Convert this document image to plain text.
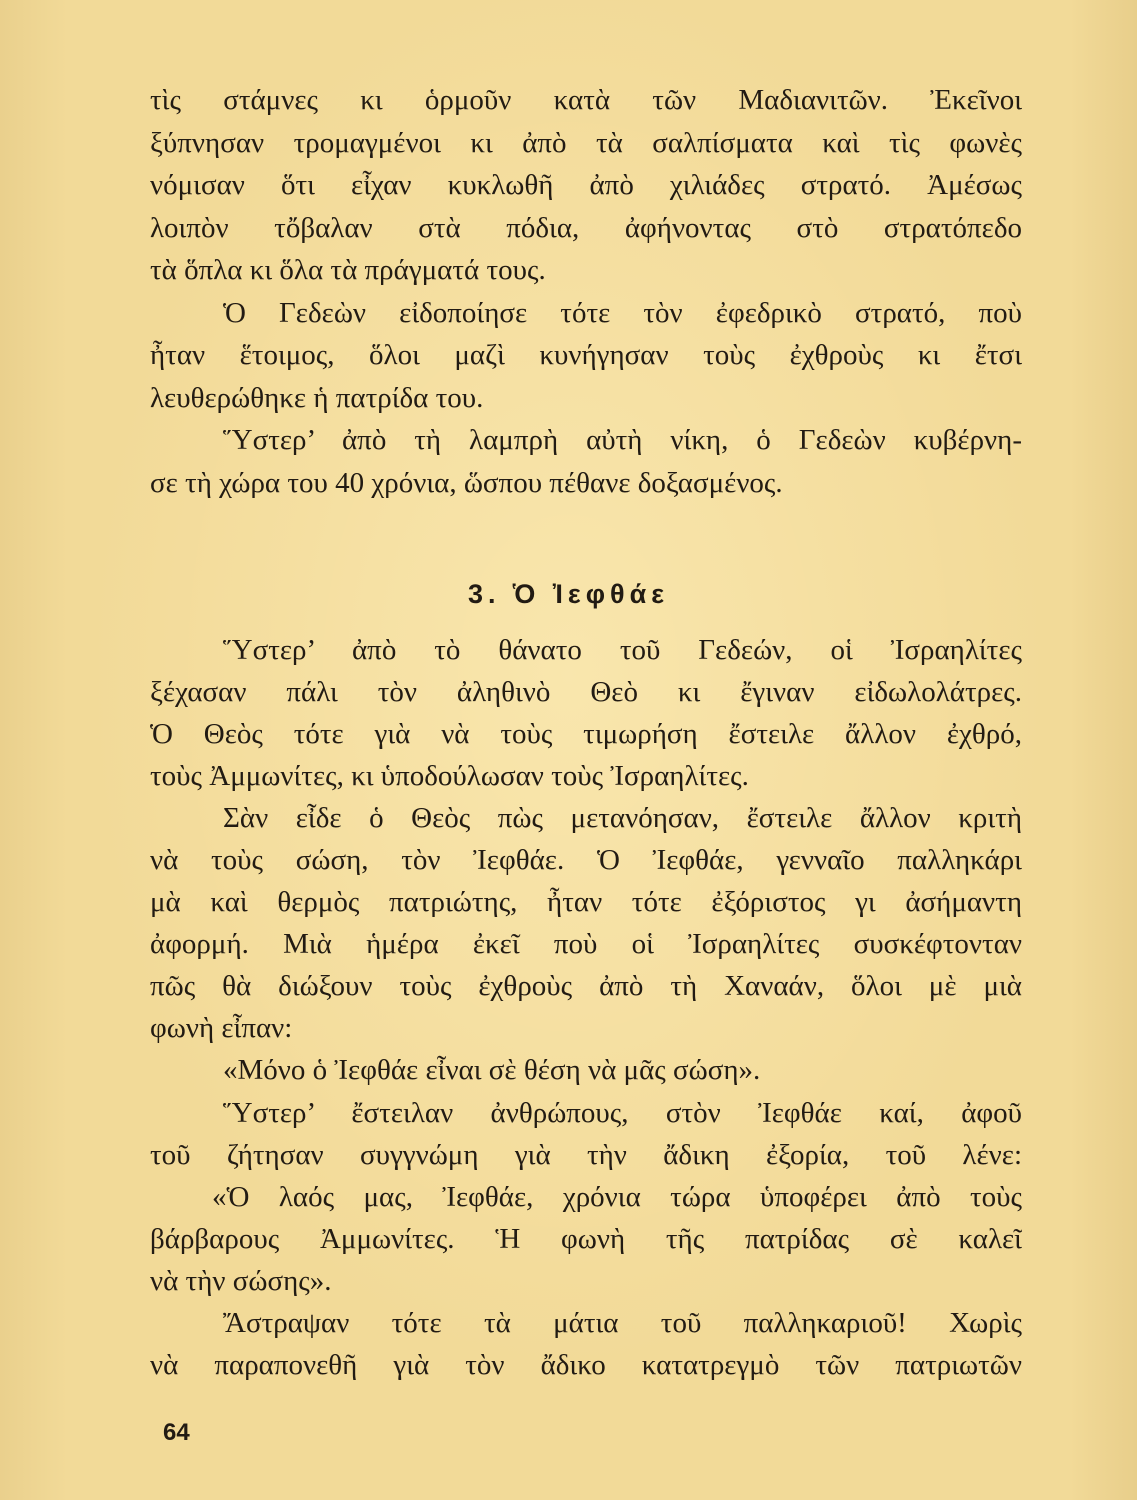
τὶς στάμνες κι ὁρμοῦν κατὰ τῶν Μαδιανιτῶν. Ἐκεῖνοι
ξύπνησαν τρομαγμένοι κι ἀπὸ τὰ σαλπίσματα καὶ τὶς φωνὲς
νόμισαν ὅτι εἶχαν κυκλωθῆ ἀπὸ χιλιάδες στρατό. Ἀμέσως
λοιπὸν τὄβαλαν στὰ πόδια, ἀφήνοντας στὸ στρατόπεδο
τὰ ὅπλα κι ὅλα τὰ πράγματά τους.
Ὁ Γεδεὼν εἰδοποίησε τότε τὸν ἐφεδρικὸ στρατό, ποὺ
ἦταν ἕτοιμος, ὅλοι μαζὶ κυνήγησαν τοὺς ἐχθροὺς κι ἔτσι
λευθερώθηκε ἡ πατρίδα του.
Ὕστερ’ ἀπὸ τὴ λαμπρὴ αὐτὴ νίκη, ὁ Γεδεὼν κυβέρνη-
σε τὴ χώρα του 40 χρόνια, ὥσπου πέθανε δοξασμένος.
3. Ὁ Ἰεφθάε
Ὕστερ’ ἀπὸ τὸ θάνατο τοῦ Γεδεών, οἱ Ἰσραηλίτες
ξέχασαν πάλι τὸν ἀληθινὸ Θεὸ κι ἔγιναν εἰδωλολάτρες.
Ὁ Θεὸς τότε γιὰ νὰ τοὺς τιμωρήση ἔστειλε ἄλλον ἐχθρό,
τοὺς Ἀμμωνίτες, κι ὑποδούλωσαν τοὺς Ἰσραηλίτες.
Σὰν εἶδε ὁ Θεὸς πὼς μετανόησαν, ἔστειλε ἄλλον κριτὴ
νὰ τοὺς σώση, τὸν Ἰεφθάε. Ὁ Ἰεφθάε, γενναῖο παλληκάρι
μὰ καὶ θερμὸς πατριώτης, ἦταν τότε ἐξόριστος γι ἀσήμαντη
ἀφορμή. Μιὰ ἡμέρα ἐκεῖ ποὺ οἱ Ἰσραηλίτες συσκέφτονταν
πῶς θὰ διώξουν τοὺς ἐχθροὺς ἀπὸ τὴ Χαναάν, ὅλοι μὲ μιὰ
φωνὴ εἶπαν:
«Μόνο ὁ Ἰεφθάε εἶναι σὲ θέση νὰ μᾶς σώση».
Ὕστερ’ ἔστειλαν ἀνθρώπους, στὸν Ἰεφθάε καί, ἀφοῦ
τοῦ ζήτησαν συγγνώμη γιὰ τὴν ἄδικη ἐξορία, τοῦ λένε:
«Ὁ λαός μας, Ἰεφθάε, χρόνια τώρα ὑποφέρει ἀπὸ τοὺς
βάρβαρους Ἀμμωνίτες. Ἡ φωνὴ τῆς πατρίδας σὲ καλεῖ
νὰ τὴν σώσης».
Ἄστραψαν τότε τὰ μάτια τοῦ παλληκαριοῦ! Χωρὶς
νὰ παραπονεθῆ γιὰ τὸν ἄδικο κατατρεγμὸ τῶν πατριωτῶν
64
